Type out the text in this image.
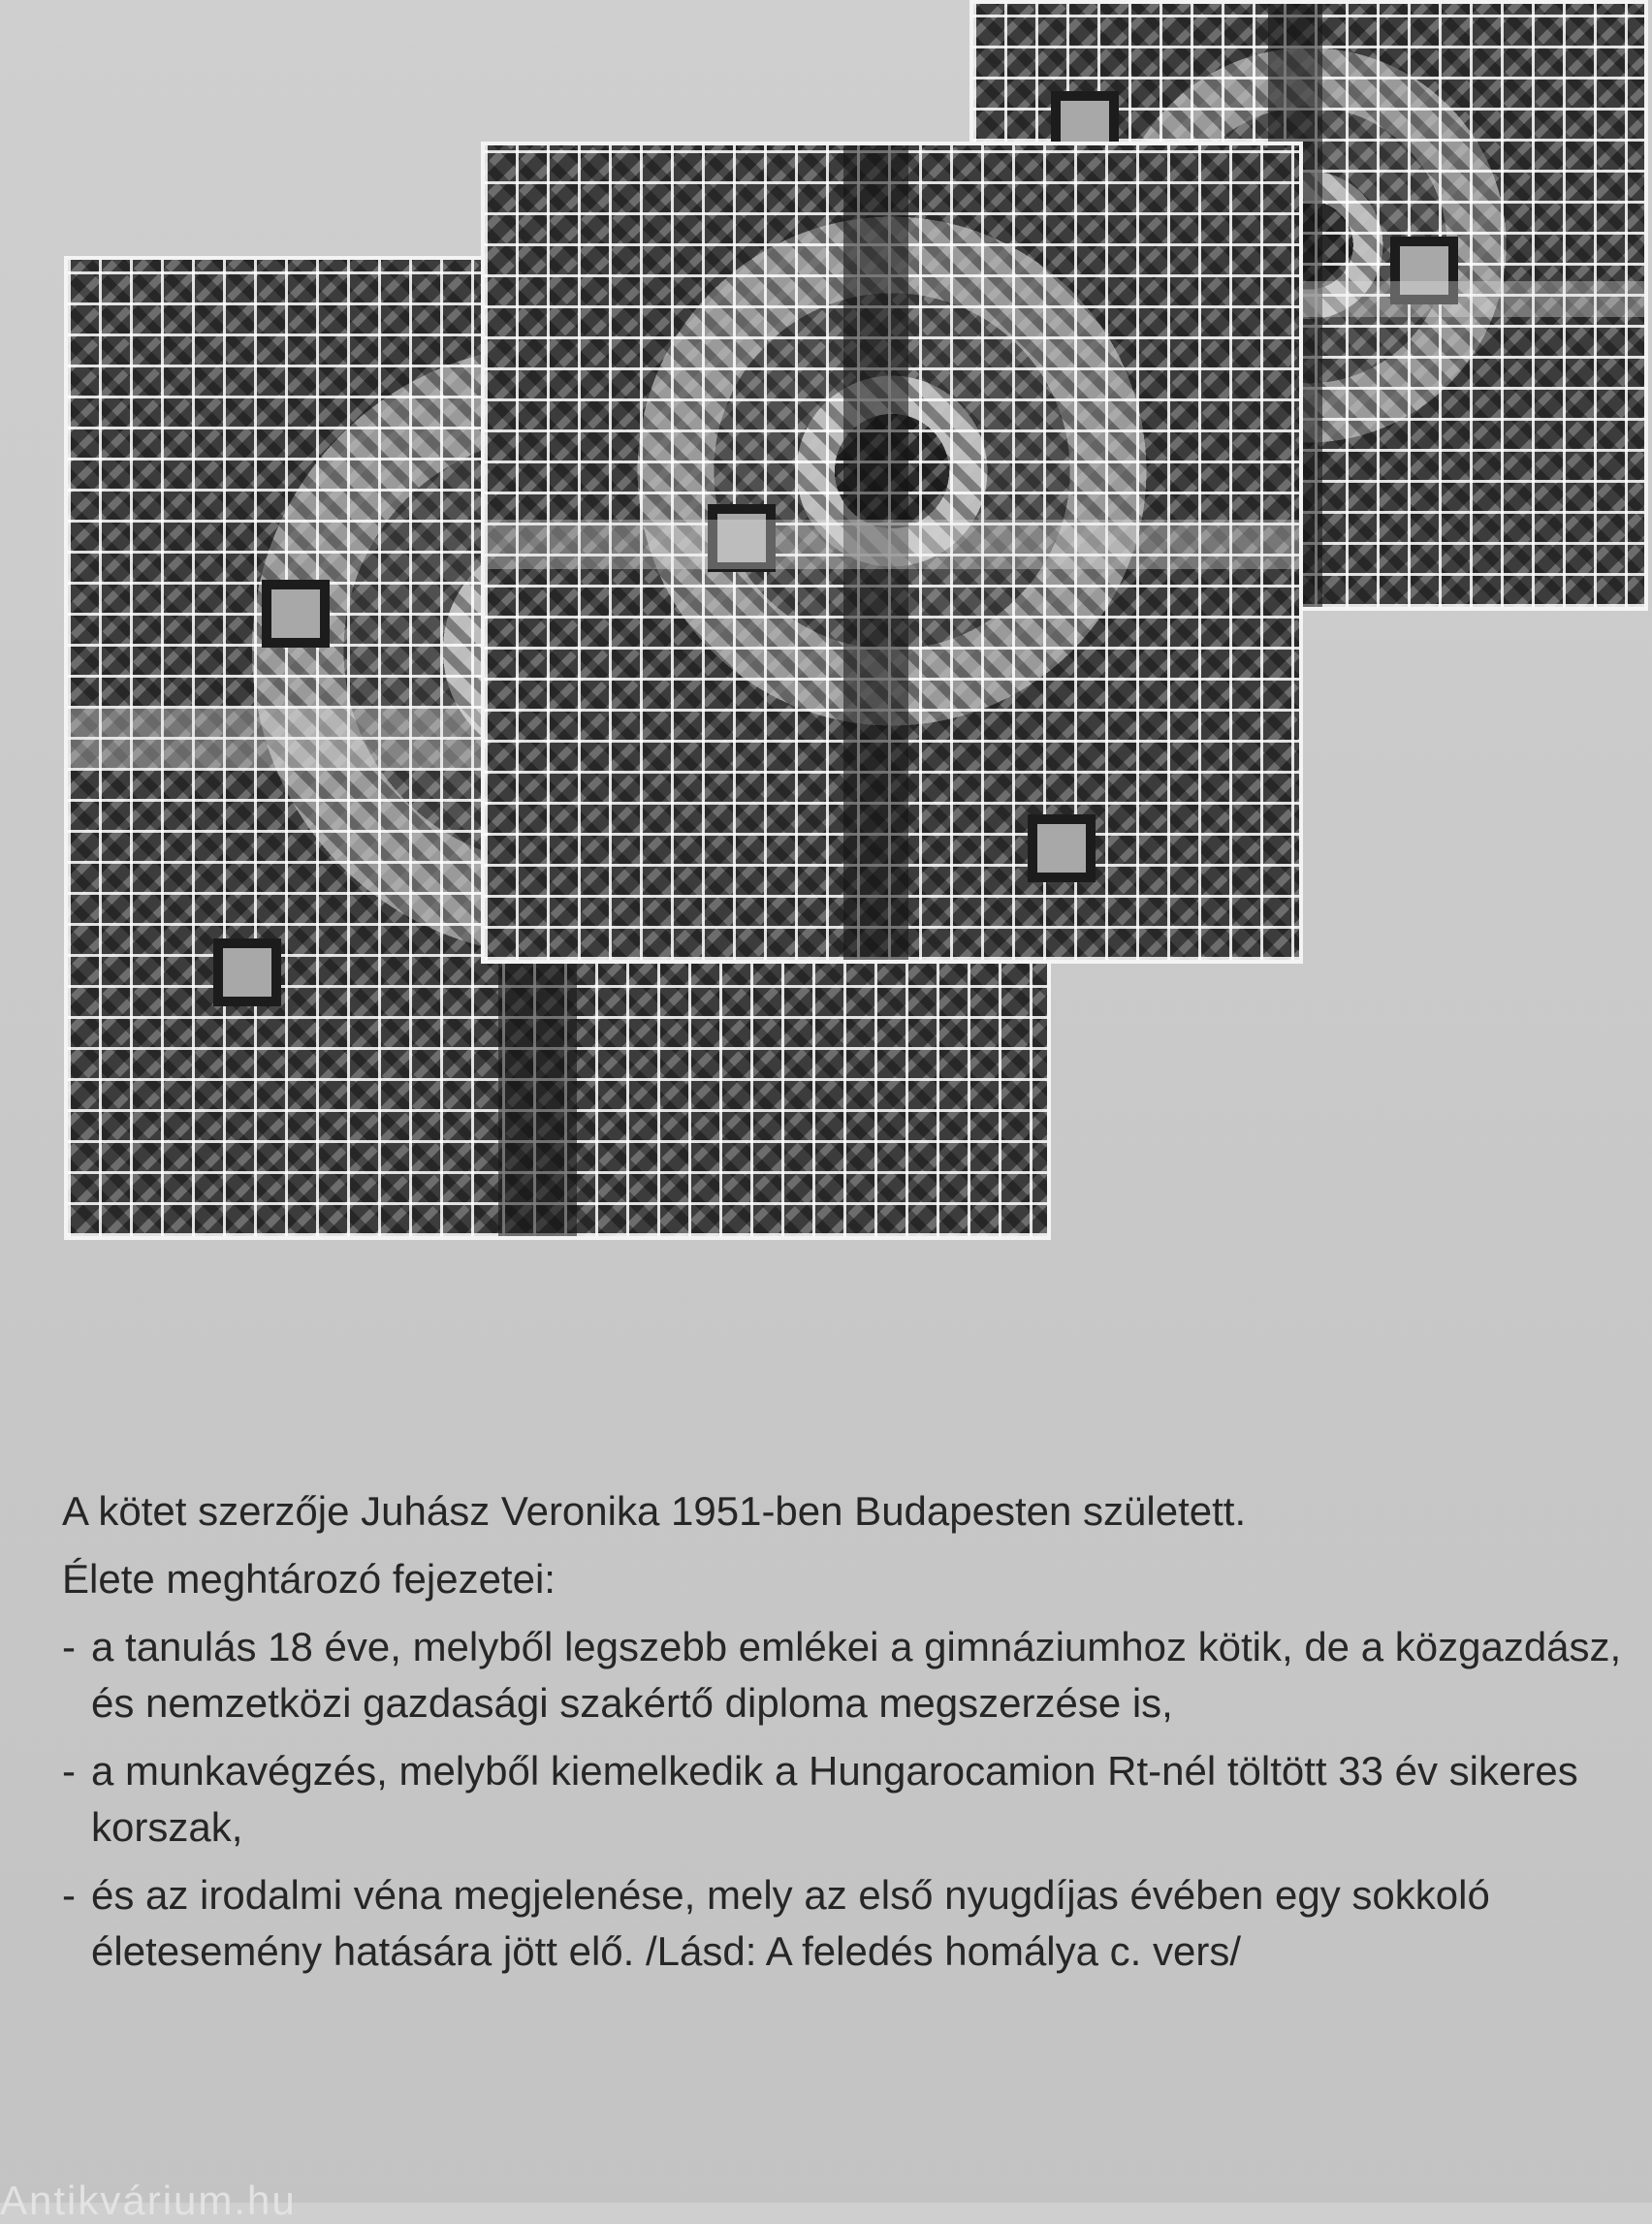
A kötet szerzője Juhász Veronika 1951-ben Budapesten született.

Élete meghtározó fejezetei:

- a tanulás 18 éve, melyből legszebb emlékei a gimnáziumhoz kötik, de a közgazdász, és nemzetközi gazdasági szakértő diploma megszerzése is,
- a munkavégzés, melyből kiemelkedik a Hungarocamion Rt-nél töltött 33 év sikeres korszak,
- és az irodalmi véna megjelenése, mely az első nyugdíjas évében egy sokkoló életesemény hatására jött elő. /Lásd: A feledés homálya c. vers/
Antikvárium.hu
